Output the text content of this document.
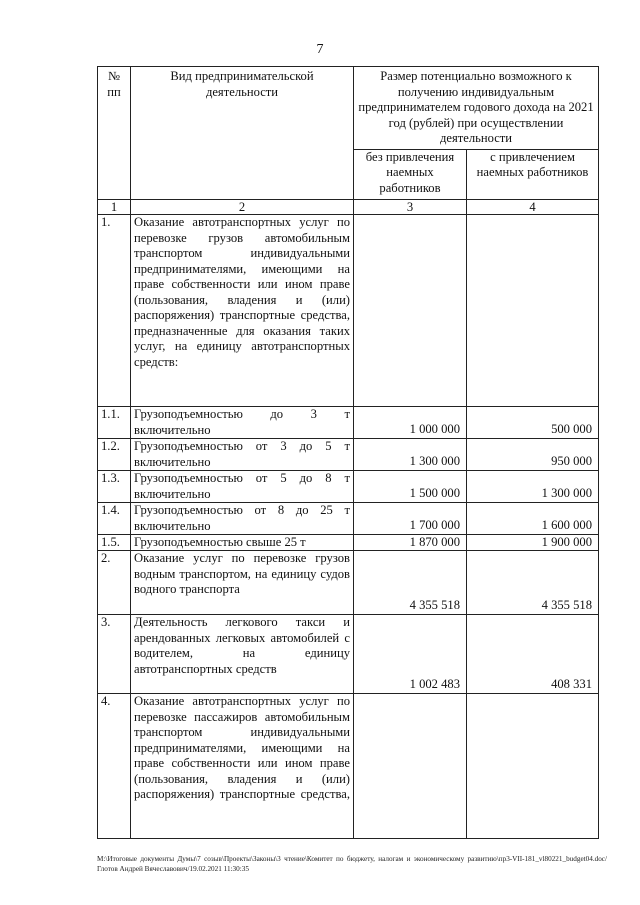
7
№ пп	Вид предпринимательской деятельности	Размер потенциально возможного к получению индивидуальным предпринимателем годового дохода на 2021 год (рублей) при осуществлении деятельности	
		без привлечения наемных работников	с привлечением наемных работников
1	2	3	4
1.	Оказание автотранспортных услуг по перевозке грузов автомобильным транспортом индивидуальными предпринимателями, имеющими на праве собственности или ином праве (пользования, владения и (или) распоряжения) транспортные средства, предназначенные для оказания таких услуг, на единицу автотранспортных средств:		
1.1.	Грузоподъемностью до 3 т включительно	1 000 000	500 000
1.2.	Грузоподъемностью от 3 до 5 т включительно	1 300 000	950 000
1.3.	Грузоподъемностью от 5 до 8 т включительно	1 500 000	1 300 000
1.4.	Грузоподъемностью от 8 до 25 т включительно	1 700 000	1 600 000
1.5.	Грузоподъемностью свыше 25 т	1 870 000	1 900 000
2.	Оказание услуг по перевозке грузов водным транспортом, на единицу судов водного транспорта	4 355 518	4 355 518
3.	Деятельность легкового такси и арендованных легковых автомобилей с водителем, на единицу автотранспортных средств	1 002 483	408 331
4.	Оказание автотранспортных услуг по перевозке пассажиров автомобильным транспортом индивидуальными предпринимателями, имеющими на праве собственности или ином праве (пользования, владения и (или) распоряжения) транспортные средства,		
M:\Итоговые документы Думы\7 созыв\Проекты\Законы\3 чтение\Комитет по бюджету, налогам и экономическому развитию\пр3-VII-181_vl80221_budget04.doc/Глотов Андрей Вячеславович/19.02.2021 11:30:35
